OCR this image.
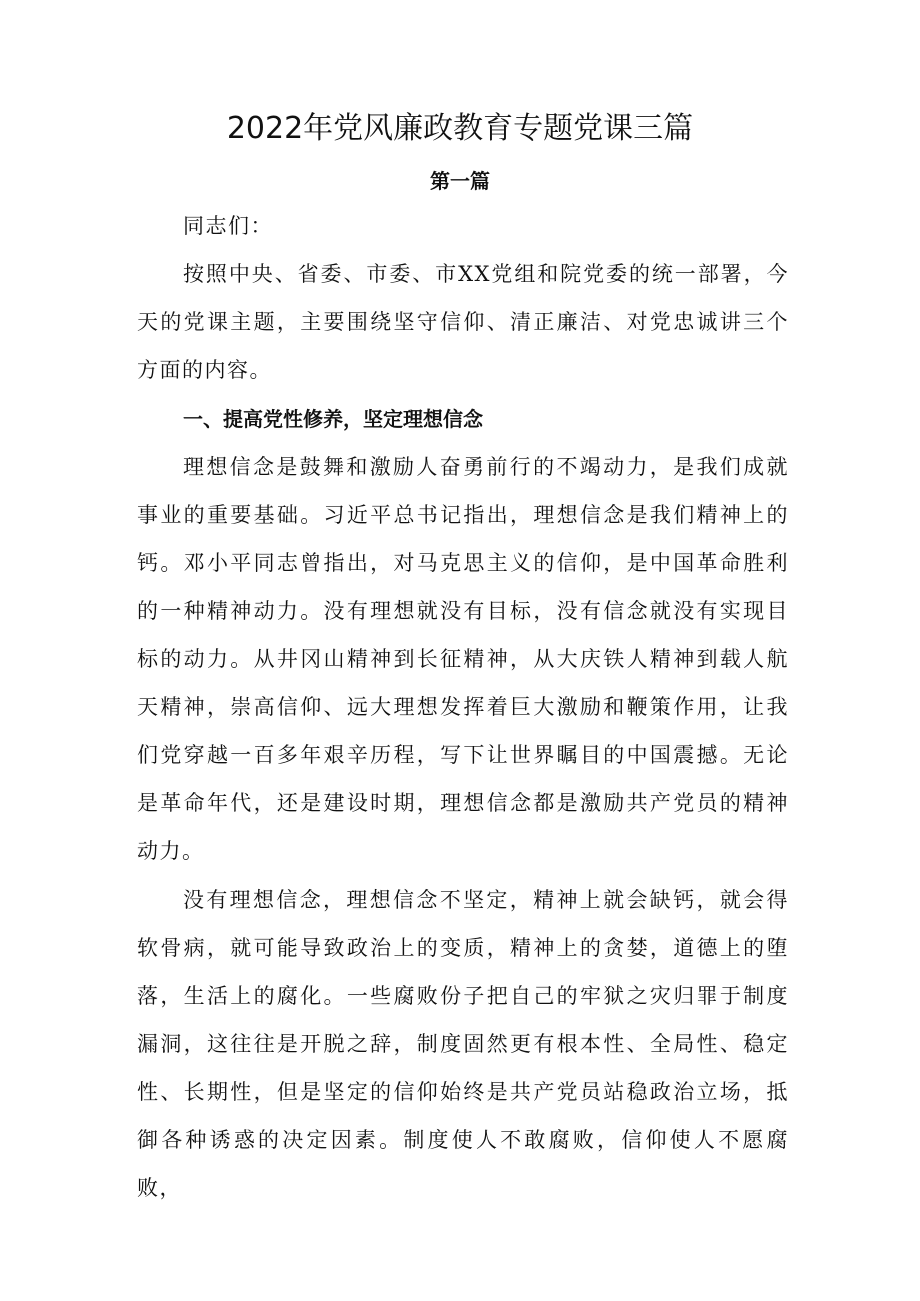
2022年党风廉政教育专题党课三篇
第一篇

同志们：

按照中央、省委、市委、市XX党组和院党委的统一部署，今天的党课主题，主要围绕坚守信仰、清正廉洁、对党忠诚讲三个方面的内容。

一、提高党性修养，坚定理想信念

理想信念是鼓舞和激励人奋勇前行的不竭动力，是我们成就事业的重要基础。习近平总书记指出，理想信念是我们精神上的钙。邓小平同志曾指出，对马克思主义的信仰，是中国革命胜利的一种精神动力。没有理想就没有目标，没有信念就没有实现目标的动力。从井冈山精神到长征精神，从大庆铁人精神到载人航天精神，崇高信仰、远大理想发挥着巨大激励和鞭策作用，让我们党穿越一百多年艰辛历程，写下让世界瞩目的中国震撼。无论是革命年代，还是建设时期，理想信念都是激励共产党员的精神动力。

没有理想信念，理想信念不坚定，精神上就会缺钙，就会得软骨病，就可能导致政治上的变质，精神上的贪婪，道德上的堕落，生活上的腐化。一些腐败份子把自己的牢狱之灾归罪于制度漏洞，这往往是开脱之辞，制度固然更有根本性、全局性、稳定性、长期性，但是坚定的信仰始终是共产党员站稳政治立场，抵御各种诱惑的决定因素。制度使人不敢腐败，信仰使人不愿腐败，
